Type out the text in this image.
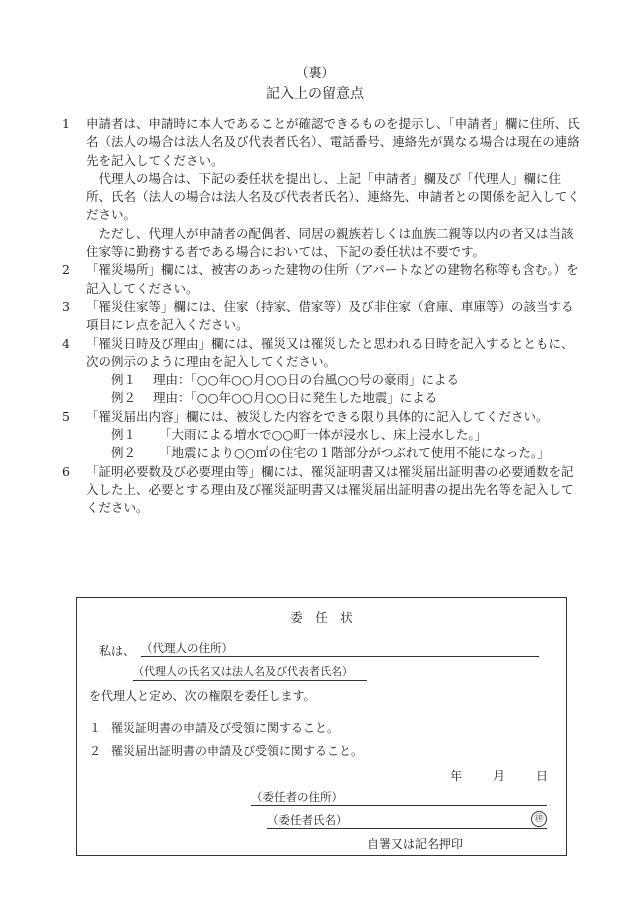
（裏）
記入上の留意点
1	申請者は、申請時に本人であることが確認できるものを提示し、「申請者」欄に住所、氏名（法人の場合は法人名及び代表者氏名）、電話番号、連絡先が異なる場合は現在の連絡先を記入してください。
代理人の場合は、下記の委任状を提出し、上記「申請者」欄及び「代理人」欄に住所、氏名（法人の場合は法人名及び代表者氏名）、連絡先、申請者との関係を記入してください。
ただし、代理人が申請者の配偶者、同居の親族若しくは血族二親等以内の者又は当該住家等に勤務する者である場合においては、下記の委任状は不要です。
2	「罹災場所」欄には、被害のあった建物の住所（アパートなどの建物名称等も含む。）を記入してください。
3	「罹災住家等」欄には、住家（持家、借家等）及び非住家（倉庫、車庫等）の該当する項目にレ点を記入ください。
4	「罹災日時及び理由」欄には、罹災又は罹災したと思われる日時を記入するとともに、次の例示のように理由を記入してください。
例１	理由：「○○年○○月○○日の台風○○号の豪雨」による
例２	理由：「○○年○○月○○日に発生した地震」による
5	「罹災届出内容」欄には、被災した内容をできる限り具体的に記入してください。
例１	「大雨による増水で○○町一体が浸水し、床上浸水した。」
例２	「地震により○○㎡の住宅の１階部分がつぶれて使用不能になった。」
6	「証明必要数及び必要理由等」欄には、罹災証明書又は罹災届出証明書の必要通数を記入した上、必要とする理由及び罹災証明書又は罹災届出証明書の提出先名等を記入してください。
委　任　状
私は、 （代理人の住所）
（代理人の氏名又は法人名及び代表者氏名）
を代理人と定め、次の権限を委任します。
１ 罹災証明書の申請及び受領に関すること。
２ 罹災届出証明書の申請及び受領に関すること。
年	月	日
（委任者の住所）
（委任者氏名）	㊞
自署又は記名押印
